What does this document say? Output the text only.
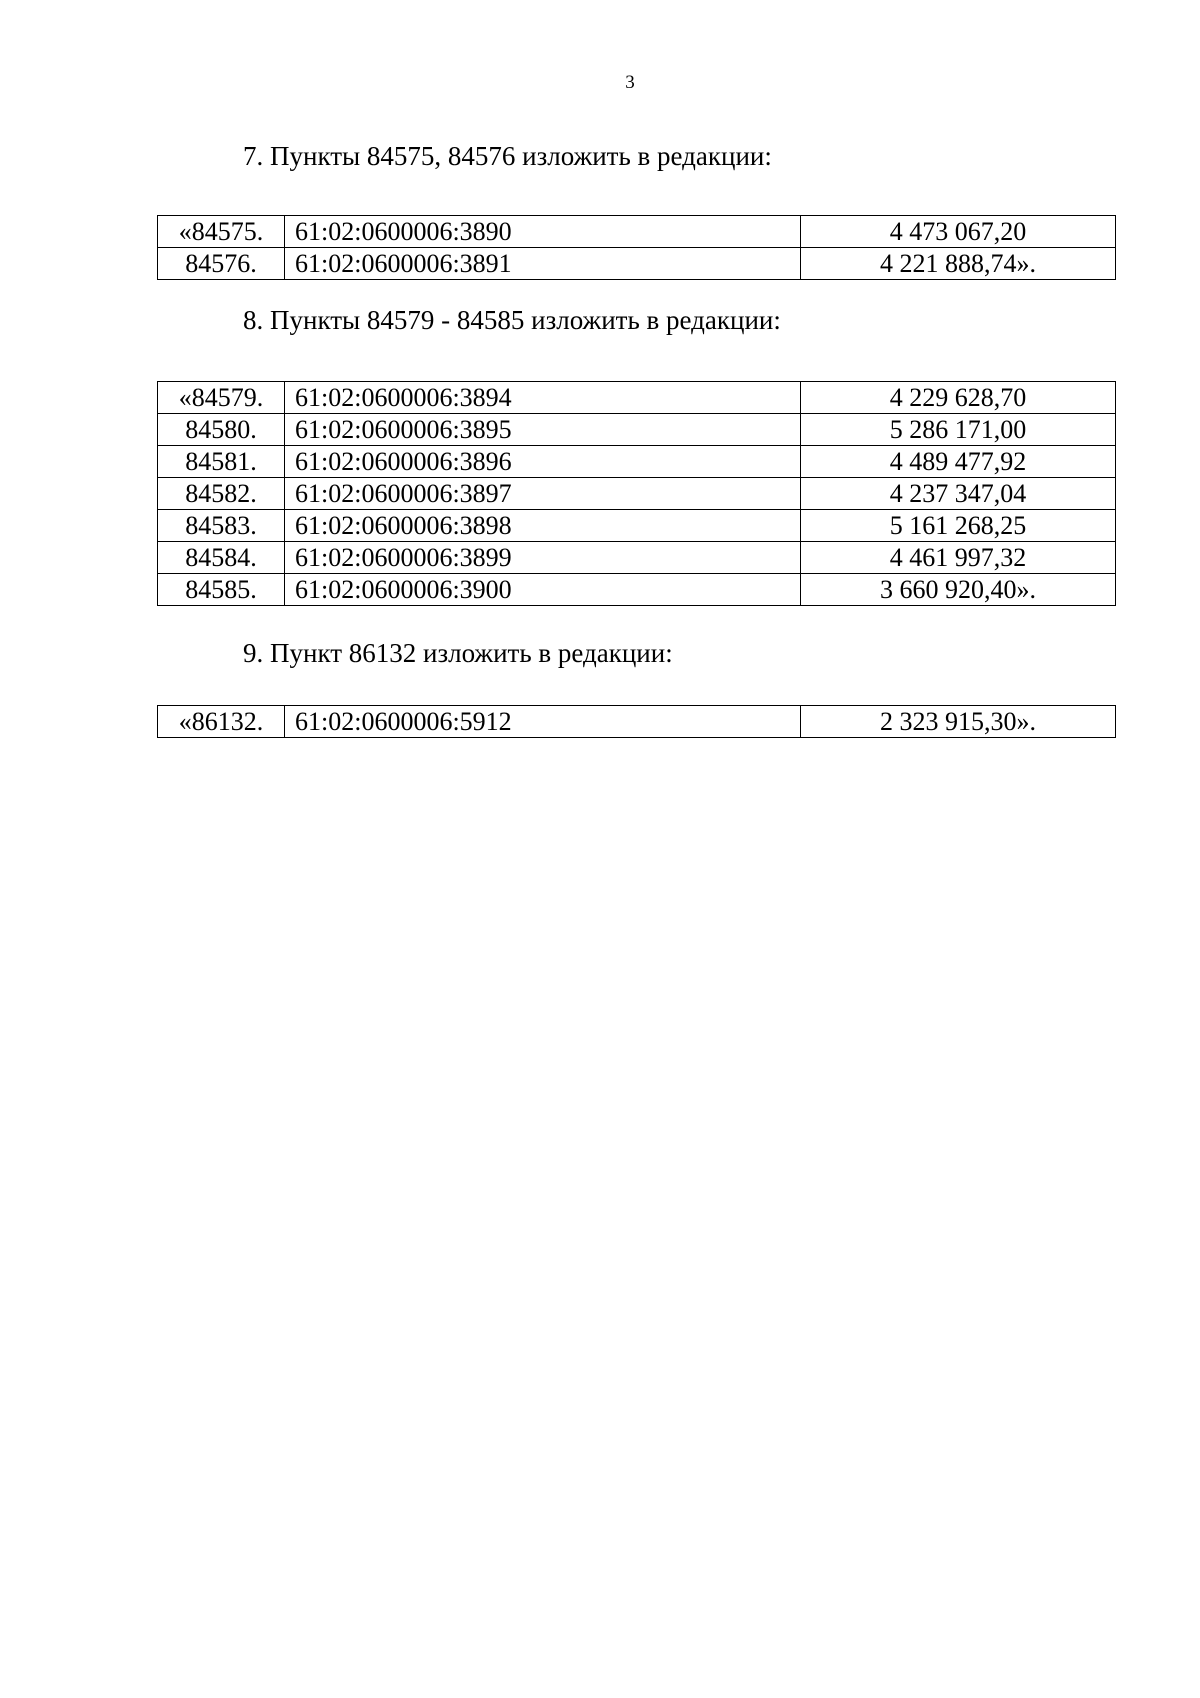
3
7. Пункты 84575, 84576 изложить в редакции:
«84575.	61:02:0600006:3890	4 473 067,20
84576.	61:02:0600006:3891	4 221 888,74».
8. Пункты 84579 - 84585 изложить в редакции:
«84579.	61:02:0600006:3894	4 229 628,70
84580.	61:02:0600006:3895	5 286 171,00
84581.	61:02:0600006:3896	4 489 477,92
84582.	61:02:0600006:3897	4 237 347,04
84583.	61:02:0600006:3898	5 161 268,25
84584.	61:02:0600006:3899	4 461 997,32
84585.	61:02:0600006:3900	3 660 920,40».
9. Пункт 86132 изложить в редакции:
«86132.	61:02:0600006:5912	2 323 915,30».
